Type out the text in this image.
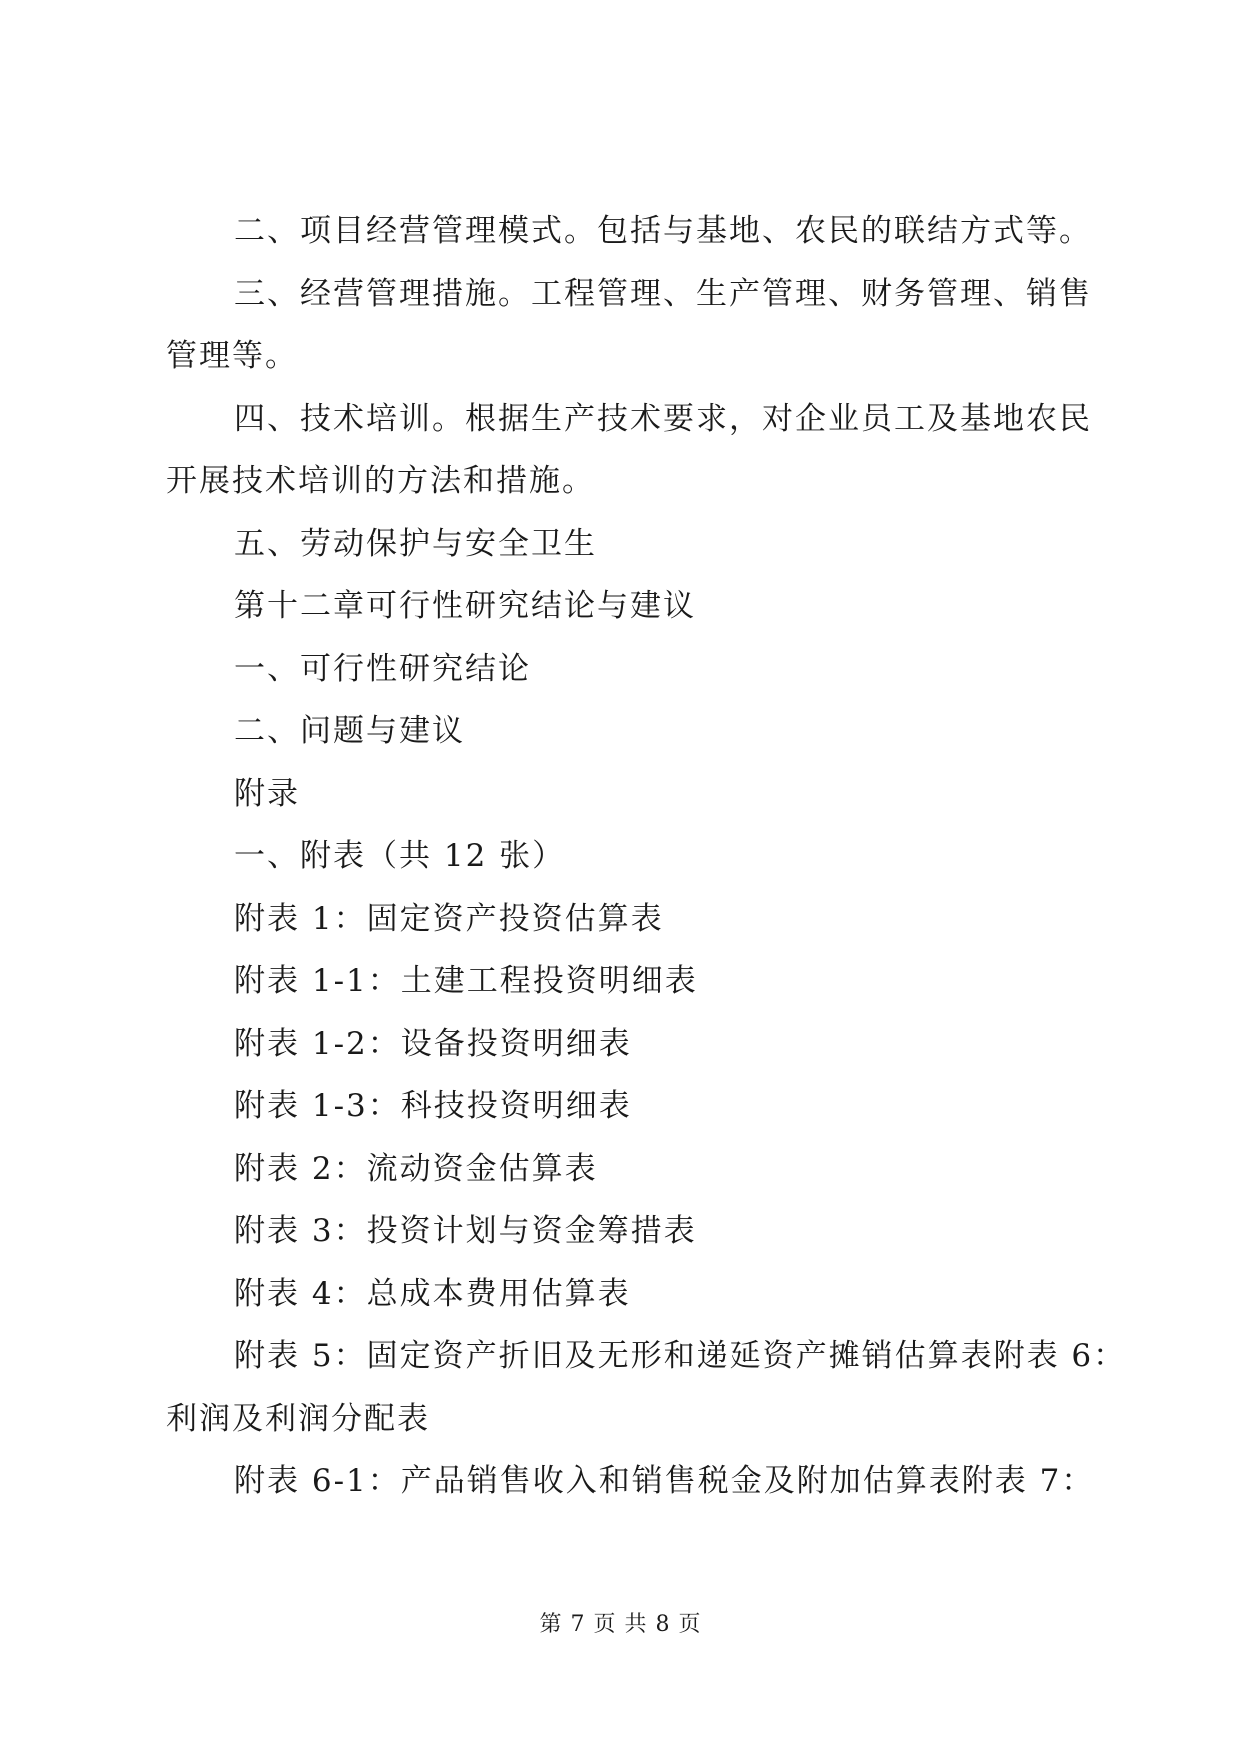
二、项目经营管理模式。包括与基地、农民的联结方式等。

三、经营管理措施。工程管理、生产管理、财务管理、销售

管理等。

四、技术培训。根据生产技术要求，对企业员工及基地农民

开展技术培训的方法和措施。

五、劳动保护与安全卫生

第十二章可行性研究结论与建议

一、可行性研究结论

二、问题与建议

附录

一、附表（共 12 张）

附表 1：固定资产投资估算表

附表 1-1：土建工程投资明细表

附表 1-2：设备投资明细表

附表 1-3：科技投资明细表

附表 2：流动资金估算表

附表 3：投资计划与资金筹措表

附表 4：总成本费用估算表

附表 5：固定资产折旧及无形和递延资产摊销估算表附表 6：

利润及利润分配表

附表 6-1：产品销售收入和销售税金及附加估算表附表 7：

第 7 页 共 8 页
